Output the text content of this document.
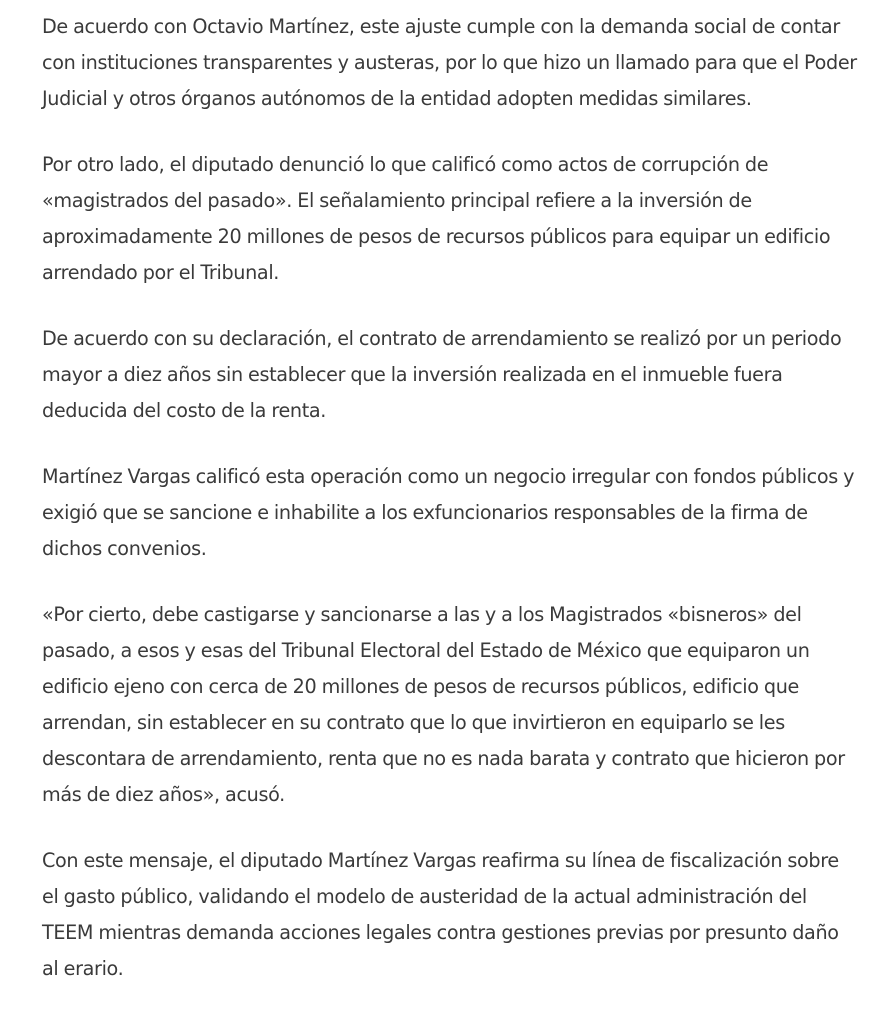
De acuerdo con Octavio Martínez, este ajuste cumple con la demanda social de contar con instituciones transparentes y austeras, por lo que hizo un llamado para que el Poder Judicial y otros órganos autónomos de la entidad adopten medidas similares.

Por otro lado, el diputado denunció lo que calificó como actos de corrupción de «magistrados del pasado». El señalamiento principal refiere a la inversión de aproximadamente 20 millones de pesos de recursos públicos para equipar un edificio arrendado por el Tribunal.

De acuerdo con su declaración, el contrato de arrendamiento se realizó por un periodo mayor a diez años sin establecer que la inversión realizada en el inmueble fuera deducida del costo de la renta.

Martínez Vargas calificó esta operación como un negocio irregular con fondos públicos y exigió que se sancione e inhabilite a los exfuncionarios responsables de la firma de dichos convenios.

«Por cierto, debe castigarse y sancionarse a las y a los Magistrados «bisneros» del pasado, a esos y esas del Tribunal Electoral del Estado de México que equiparon un edificio ejeno con cerca de 20 millones de pesos de recursos públicos, edificio que arrendan, sin establecer en su contrato que lo que invirtieron en equiparlo se les descontara de arrendamiento, renta que no es nada barata y contrato que hicieron por más de diez años», acusó.

Con este mensaje, el diputado Martínez Vargas reafirma su línea de fiscalización sobre el gasto público, validando el modelo de austeridad de la actual administración del TEEM mientras demanda acciones legales contra gestiones previas por presunto daño al erario.
